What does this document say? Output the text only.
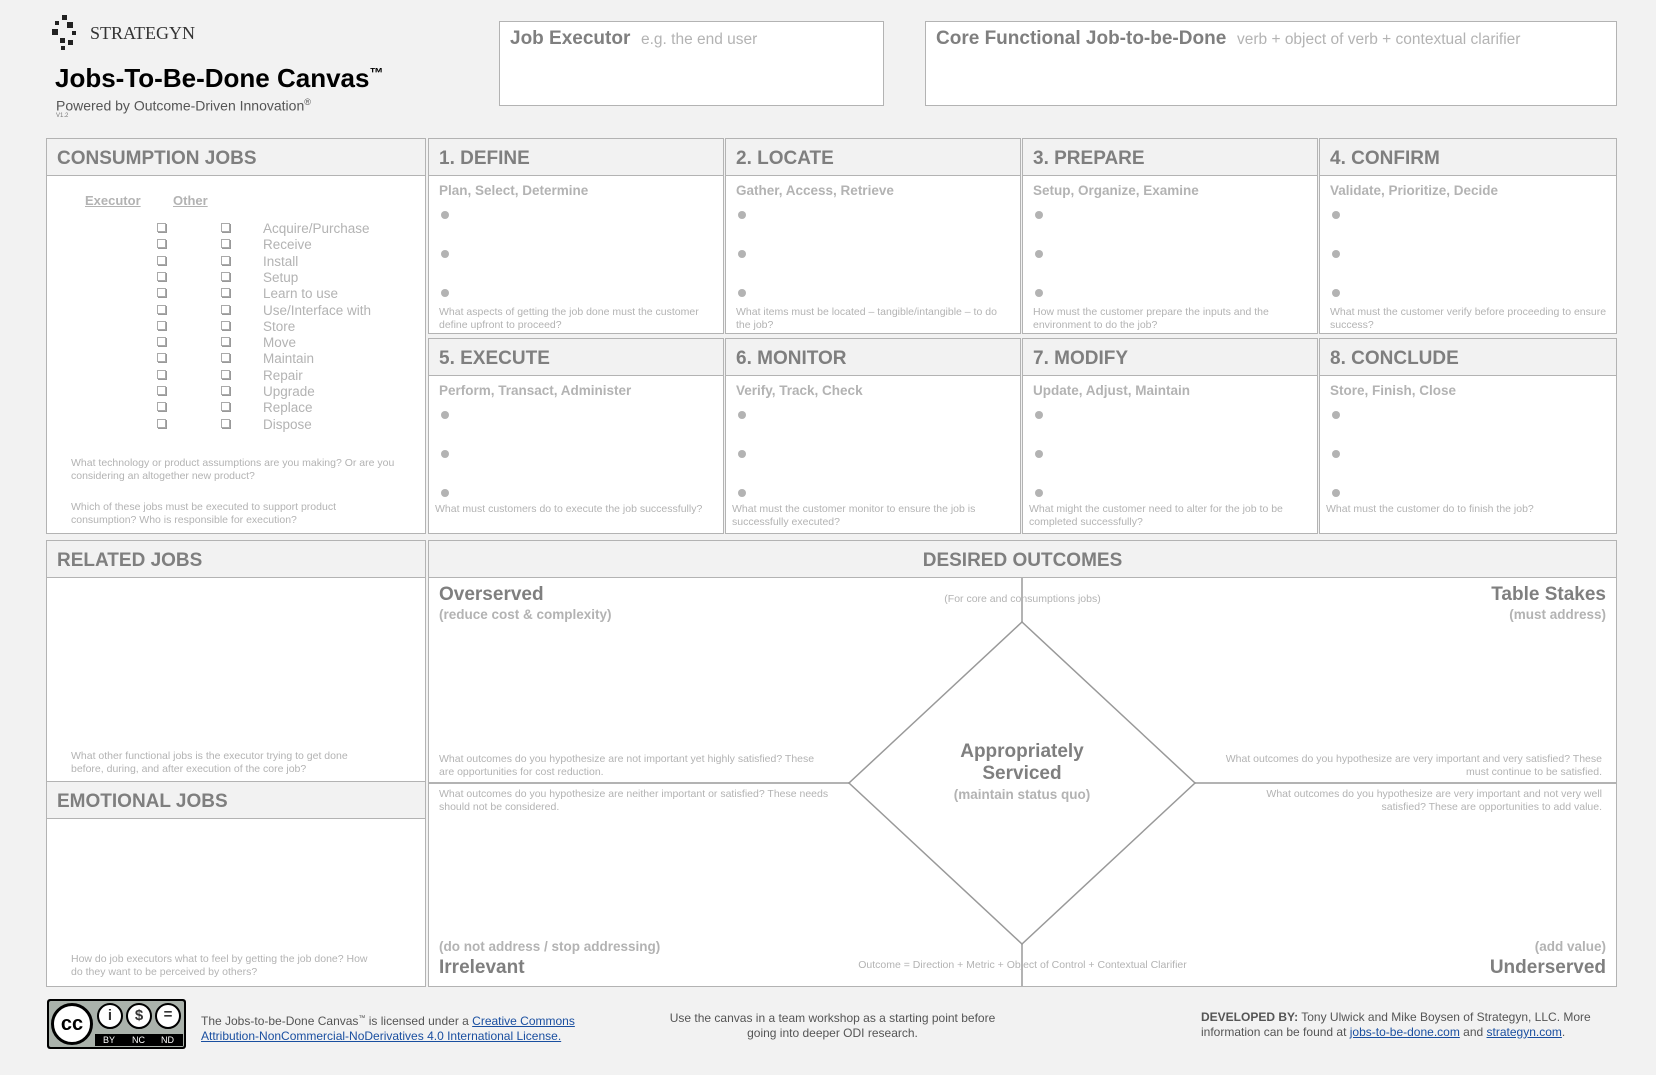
STRATEGYN
Jobs-To-Be-Done Canvas™
Powered by Outcome-Driven Innovation®
V1.2
Job Executor e.g. the end user	Core Functional Job-to-be-Done verb + object of verb + contextual clarifier
CONSUMPTION JOBS
Executor Other
Acquire/Purchase
Receive
Install
Setup
Learn to use
Use/Interface with
Store
Move
Maintain
Repair
Upgrade
Replace
Dispose
What technology or product assumptions are you making? Or are you considering an altogether new product?
Which of these jobs must be executed to support product consumption? Who is responsible for execution?
1. DEFINE
Plan, Select, Determine
What aspects of getting the job done must the customer define upfront to proceed?
2. LOCATE
Gather, Access, Retrieve
What items must be located – tangible/intangible – to do the job?
3. PREPARE
Setup, Organize, Examine
How must the customer prepare the inputs and the environment to do the job?
4. CONFIRM
Validate, Prioritize, Decide
What must the customer verify before proceeding to ensure success?
5. EXECUTE
Perform, Transact, Administer
What must customers do to execute the job successfully?
6. MONITOR
Verify, Track, Check
What must the customer monitor to ensure the job is successfully executed?
7. MODIFY
Update, Adjust, Maintain
What might the customer need to alter for the job to be completed successfully?
8. CONCLUDE
Store, Finish, Close
What must the customer do to finish the job?
RELATED JOBS
What other functional jobs is the executor trying to get done before, during, and after execution of the core job?
EMOTIONAL JOBS
How do job executors what to feel by getting the job done? How do they want to be perceived by others?
DESIRED OUTCOMES
(For core and consumptions jobs)
Overserved
(reduce cost & complexity)
What outcomes do you hypothesize are not important yet highly satisfied? These are opportunities for cost reduction.
Table Stakes
(must address)
What outcomes do you hypothesize are very important and very satisfied? These must continue to be satisfied.
What outcomes do you hypothesize are neither important or satisfied? These needs should not be considered.
(do not address / stop addressing)
Irrelevant
What outcomes do you hypothesize are very important and not very well satisfied? These are opportunities to add value.
(add value)
Underserved
Appropriately
Serviced
(maintain status quo)
Outcome = Direction + Metric + Object of Control + Contextual Clarifier
cc	i	$	=
BY NC ND
The Jobs-to-be-Done Canvas™ is licensed under a Creative Commons
Attribution-NonCommercial-NoDerivatives 4.0 International License.
Use the canvas in a team workshop as a starting point before
going into deeper ODI research.
DEVELOPED BY: Tony Ulwick and Mike Boysen of Strategyn, LLC. More
information can be found at jobs-to-be-done.com and strategyn.com.
